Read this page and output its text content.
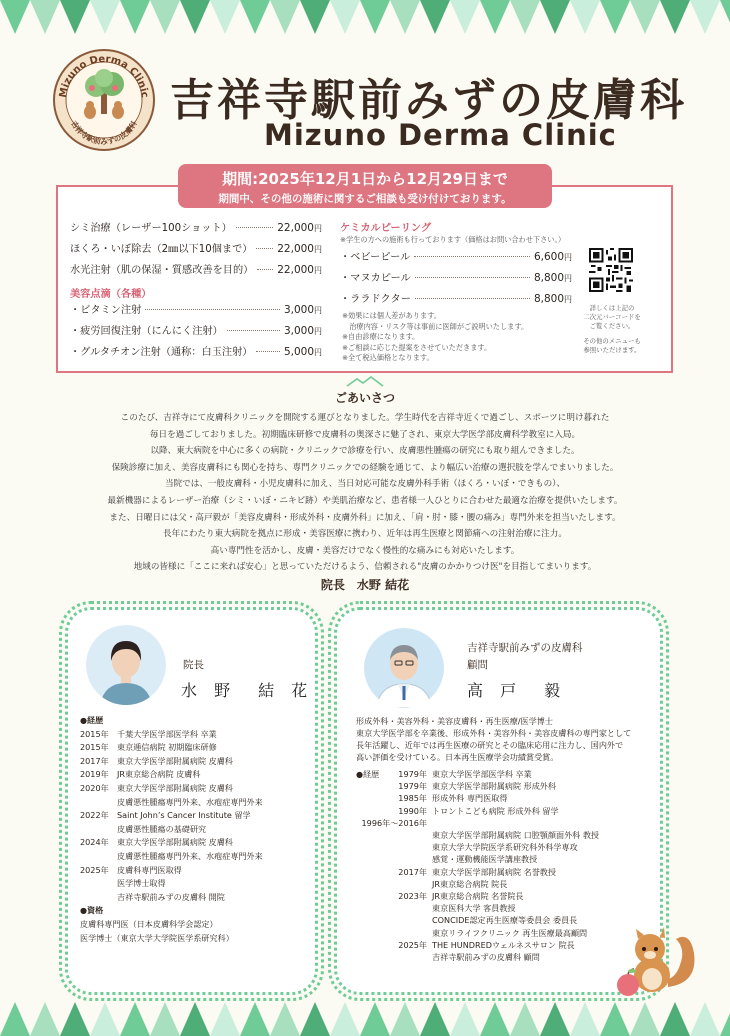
Mizuno Derma Clinic
吉祥寺駅前みずの皮膚科 吉祥寺駅前みずの皮膚科
Mizuno Derma Clinic
期間:2025年12月1日から12月29日まで
期間中、その他の施術に関するご相談も受け付けております。
シミ治療（レーザー100ショット）	22,000円
ほくろ・いぼ除去（2㎜以下10個まで） 22,000円
水光注射（肌の保湿・質感改善を目的） 22,000円
美容点滴（各種）
・ビタミン注射	3,000円
・疲労回復注射（にんにく注射）	3,000円
・グルタチオン注射（通称：白玉注射）	5,000円
ケミカルピーリング
※学生の方への施術も行っております（価格はお問い合わせ下さい。）
・ベビーピール	6,600円
・マヌカピール	8,800円
・ララドクター	8,800円
※効果には個人差があります。
　治療内容・リスク等は事前に医師がご説明いたします。
※自由診療になります。
※ご相談に応じた提案をさせていただきます。
※全て税込価格となります。
詳しくは上記の
二次元バーコードを
ご覧ください。
その他のメニューも
参照いただけます。
ごあいさつ

このたび、吉祥寺にて皮膚科クリニックを開院する運びとなりました。学生時代を吉祥寺近くで過ごし、スポーツに明け暮れた

毎日を過ごしておりました。初期臨床研修で皮膚科の奥深さに魅了され、東京大学医学部皮膚科学教室に入局。

以降、東大病院を中心に多くの病院・クリニックで診療を行い、皮膚悪性腫瘍の研究にも取り組んできました。

保険診療に加え、美容皮膚科にも関心を持ち、専門クリニックでの経験を通じて、より幅広い治療の選択肢を学んでまいりました。

当院では、一般皮膚科・小児皮膚科に加え、当日対応可能な皮膚外科手術（ほくろ・いぼ・できもの）、

最新機器によるレーザー治療（シミ・いぼ・ニキビ跡）や美肌治療など、患者様一人ひとりに合わせた最適な治療を提供いたします。

また、日曜日には父・高戸毅が「美容皮膚科・形成外科・皮膚外科」に加え、「肩・肘・膝・腰の痛み」専門外来を担当いたします。

長年にわたり東大病院を拠点に形成・美容医療に携わり、近年は再生医療と関節痛への注射治療に注力。

高い専門性を活かし、皮膚・美容だけでなく慢性的な痛みにも対応いたします。

地域の皆様に「ここに来れば安心」と思っていただけるよう、信頼される"皮膚のかかりつけ医"を目指してまいります。

院長　水野 結花
院長
水 野　結 花
●経歴
2015年	千葉大学医学部医学科 卒業
2015年	東京逓信病院 初期臨床研修
2017年	東京大学医学部附属病院 皮膚科
2019年	JR東京総合病院 皮膚科
2020年	東京大学医学部附属病院 皮膚科
皮膚悪性腫瘍専門外来、水疱症専門外来
2022年	Saint John’s Cancer Institute 留学
皮膚悪性腫瘍の基礎研究
2024年	東京大学医学部附属病院 皮膚科
皮膚悪性腫瘍専門外来、水疱症専門外来
2025年	皮膚科専門医取得
医学博士取得
吉祥寺駅前みずの皮膚科 開院
●資格
皮膚科専門医（日本皮膚科学会認定）
医学博士（東京大学大学院医学系研究科）
吉祥寺駅前みずの皮膚科
顧問
高 戸　毅
形成外科・美容外科・美容皮膚科・再生医療/医学博士
東京大学医学部を卒業後、形成外科・美容外科・美容皮膚科の専門家として
長年活躍し、近年では再生医療の研究とその臨床応用に注力し、国内外で
高い評価を受けている。日本再生医療学会功績賞受賞。
●経歴	1979年 東京大学医学部医学科 卒業
1979年 東京大学医学部附属病院 形成外科
1985年 形成外科 専門医取得
1990年 トロントこども病院 形成外科 留学
1996年～2016年
東京大学医学部附属病院 口腔顎顔面外科 教授
東京大学大学院医学系研究科外科学専攻
感覚・運動機能医学講座教授
2017年 東京大学医学部附属病院 名誉教授
JR東京総合病院 院長
2023年 JR東京総合病院 名誉院長
東京医科大学 客員教授
CONCIDE認定再生医療等委員会 委員長
東京リライフクリニック 再生医療最高顧問
2025年 THE HUNDREDウェルネスサロン 院長
吉祥寺駅前みずの皮膚科 顧問
